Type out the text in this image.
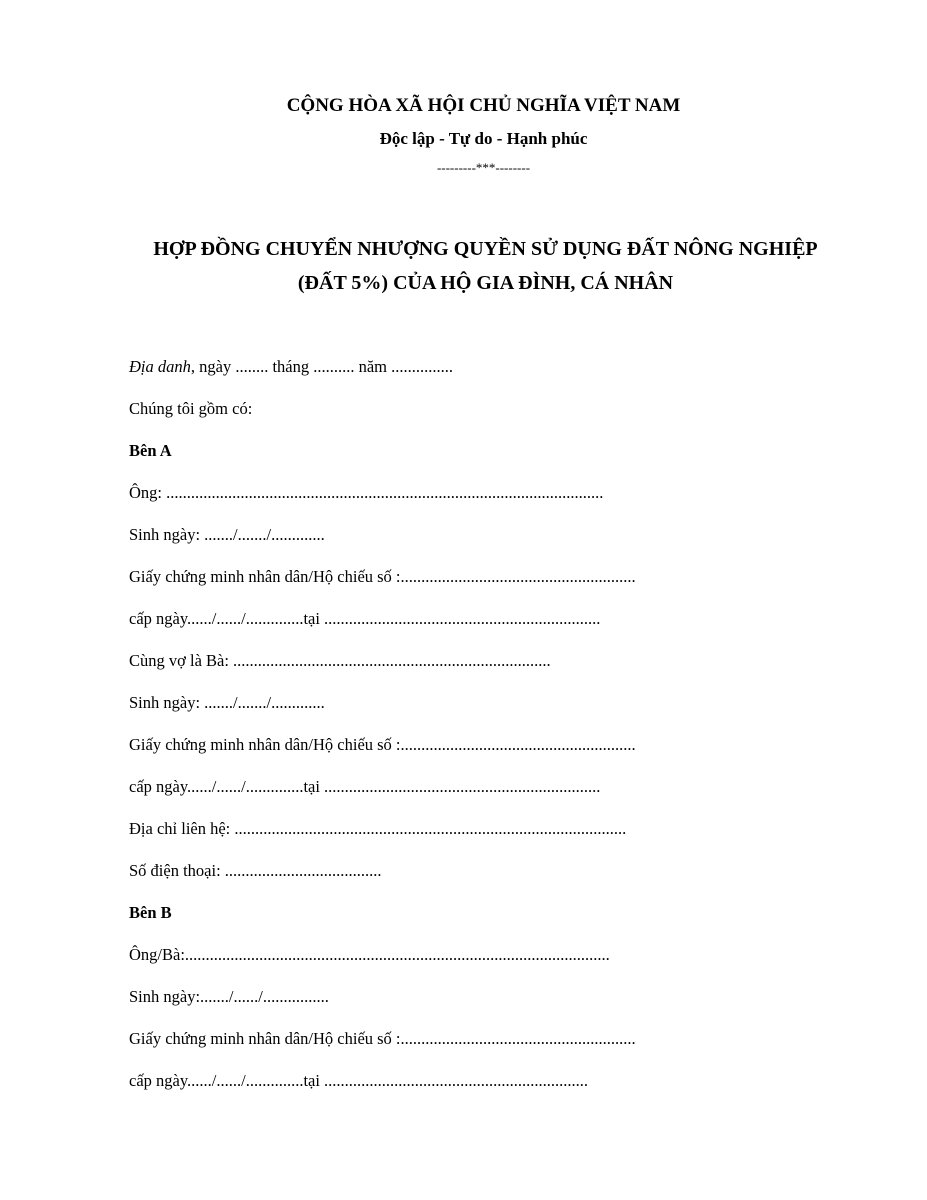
CỘNG HÒA XÃ HỘI CHỦ NGHĨA VIỆT NAM
Độc lập - Tự do - Hạnh phúc
---------***--------
HỢP ĐỒNG CHUYỂN NHƯỢNG QUYỀN SỬ DỤNG ĐẤT NÔNG NGHIỆP
(ĐẤT 5%) CỦA HỘ GIA ĐÌNH, CÁ NHÂN
Địa danh, ngày ........ tháng .......... năm ...............
Chúng tôi gồm có:
Bên A
Ông: ..........................................................................................................
Sinh ngày: ......./......./.............
Giấy chứng minh nhân dân/Hộ chiếu số :.........................................................
cấp ngày....../....../..............tại ...................................................................
Cùng vợ là Bà: .............................................................................
Sinh ngày: ......./......./.............
Giấy chứng minh nhân dân/Hộ chiếu số :.........................................................
cấp ngày....../....../..............tại ...................................................................
Địa chỉ liên hệ: ...............................................................................................
Số điện thoại: ......................................
Bên B
Ông/Bà:.......................................................................................................
Sinh ngày:......./....../................
Giấy chứng minh nhân dân/Hộ chiếu số :.........................................................
cấp ngày....../....../..............tại ................................................................
